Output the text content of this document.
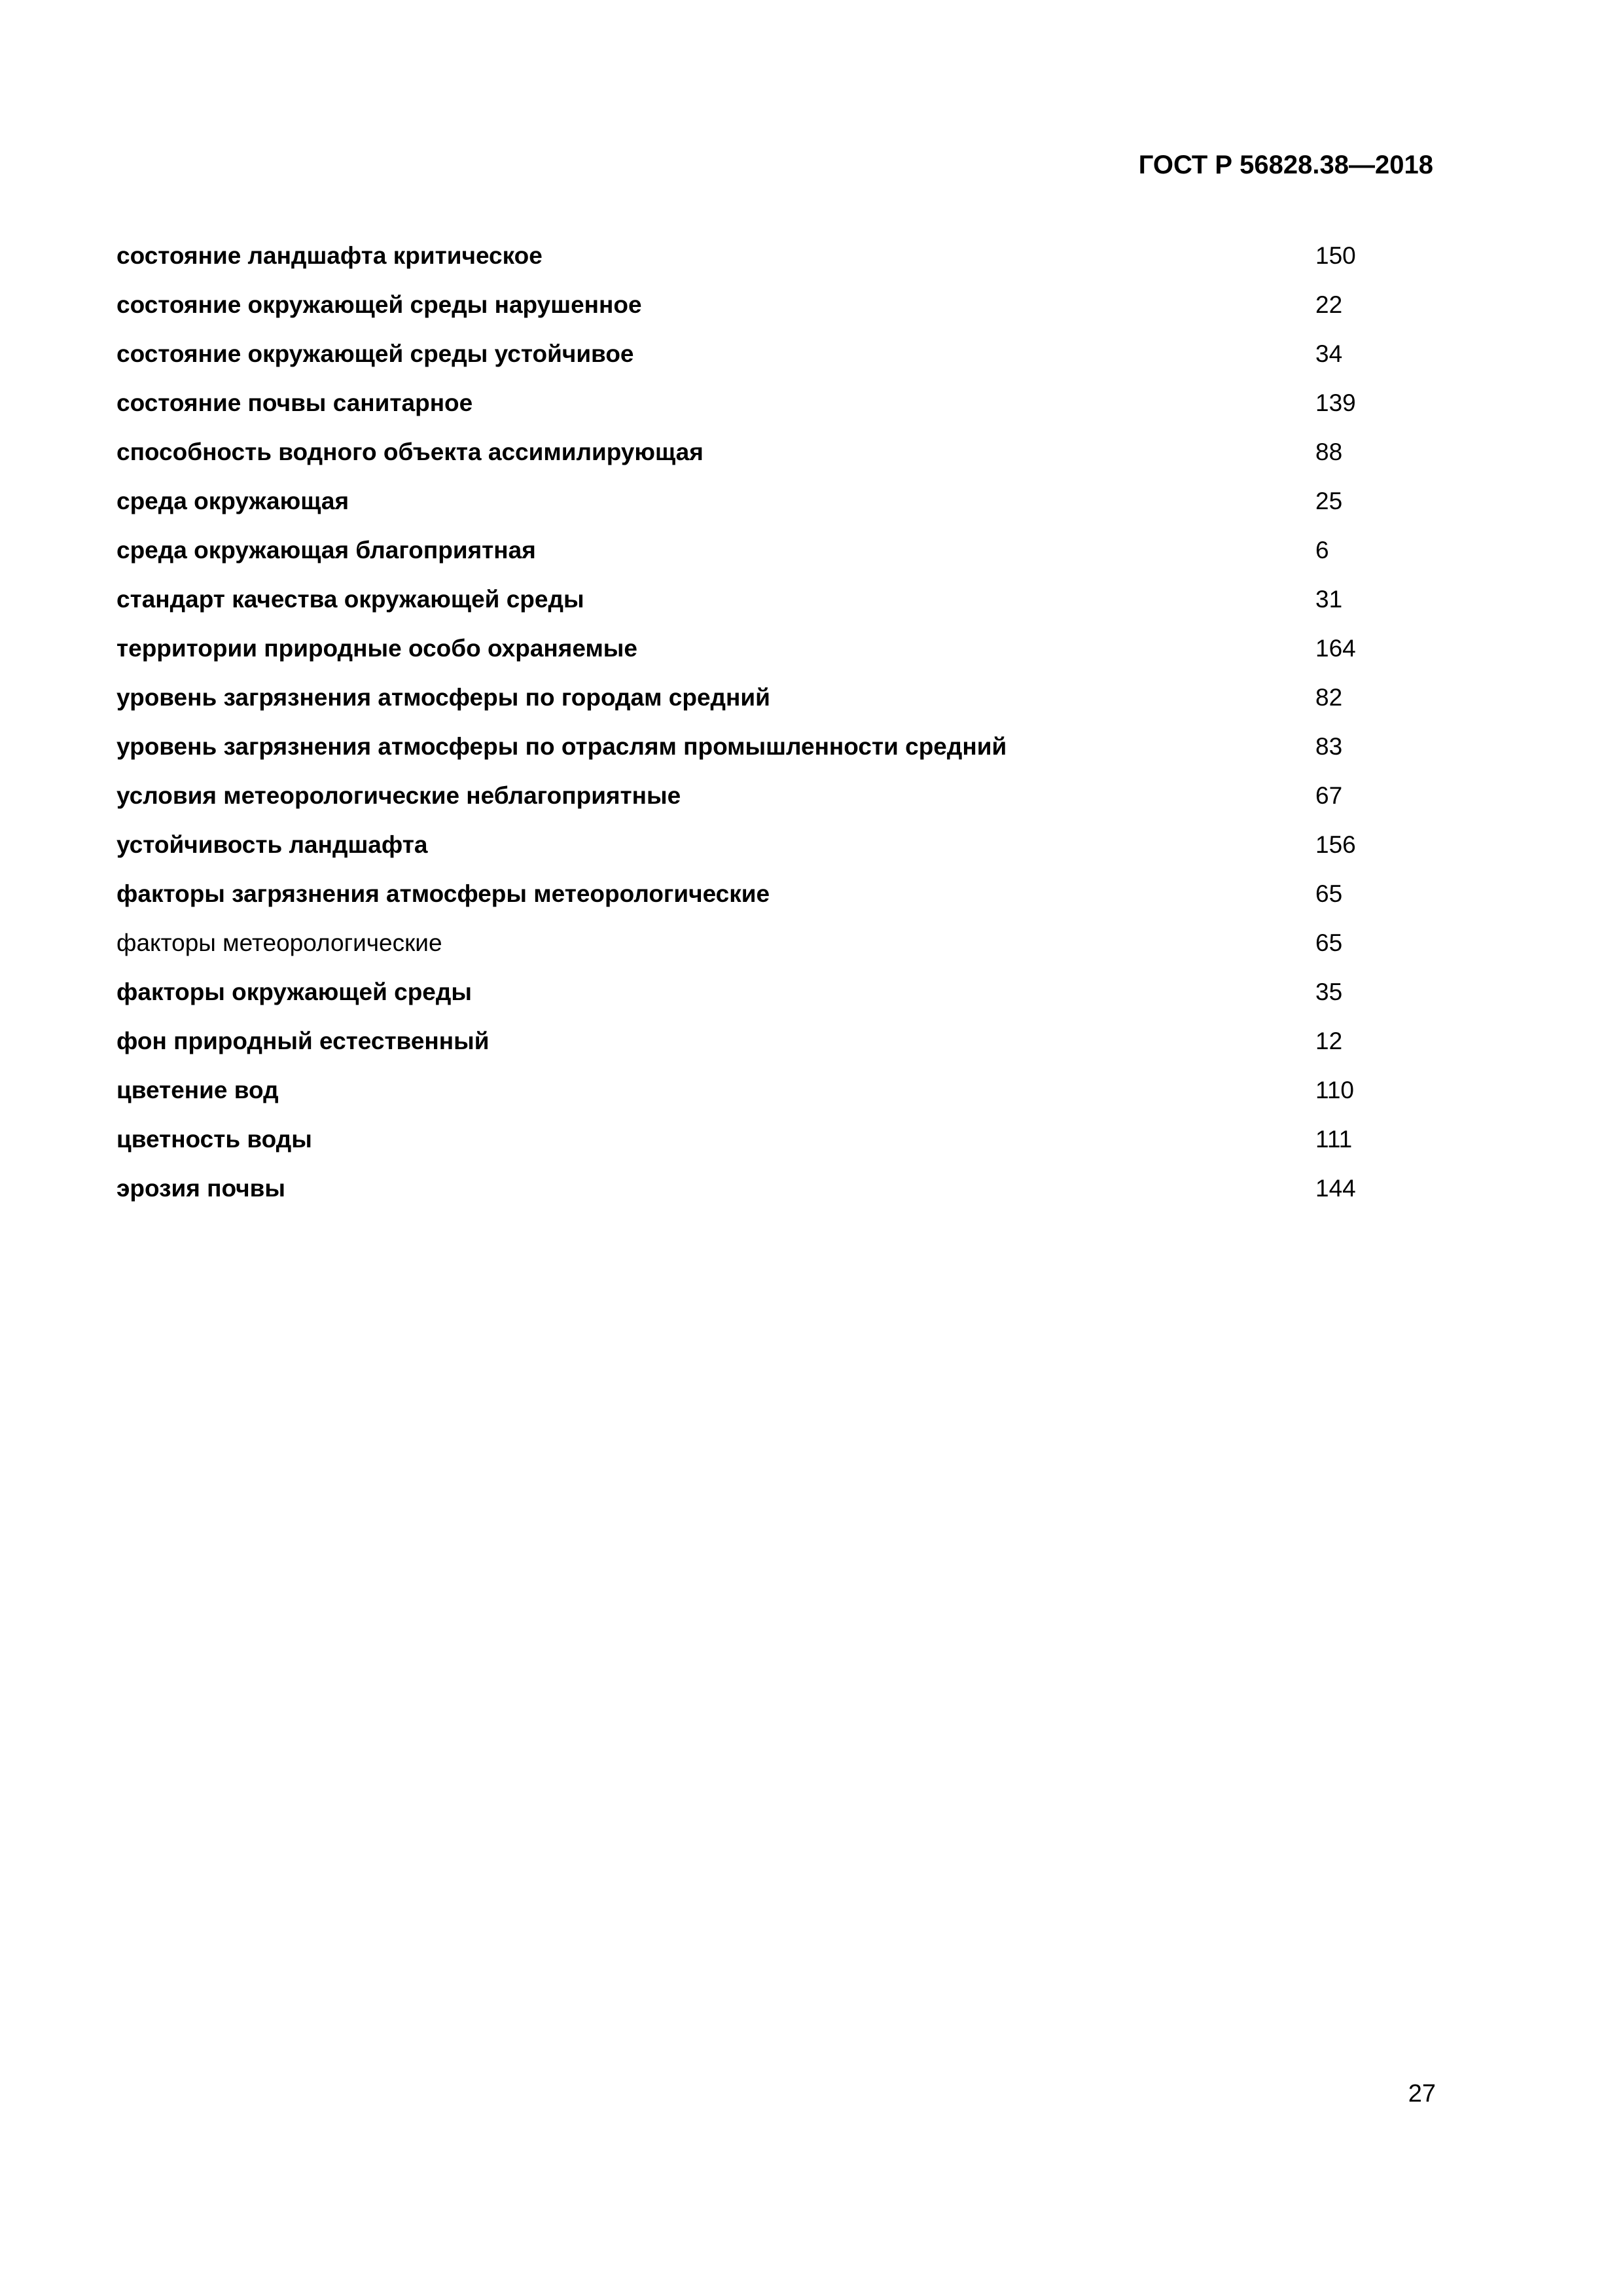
ГОСТ Р 56828.38—2018
состояние ландшафта критическое	150
состояние окружающей среды нарушенное	22
состояние окружающей среды устойчивое	34
состояние почвы санитарное	139
способность водного объекта ассимилирующая	88
среда окружающая	25
среда окружающая благоприятная	6
стандарт качества окружающей среды	31
территории природные особо охраняемые	164
уровень загрязнения атмосферы по городам средний	82
уровень загрязнения атмосферы по отраслям промышленности средний	83
условия метеорологические неблагоприятные	67
устойчивость ландшафта	156
факторы загрязнения атмосферы метеорологические	65
факторы метеорологические	65
факторы окружающей среды	35
фон природный естественный	12
цветение вод	110
цветность воды	111
эрозия почвы	144
27
